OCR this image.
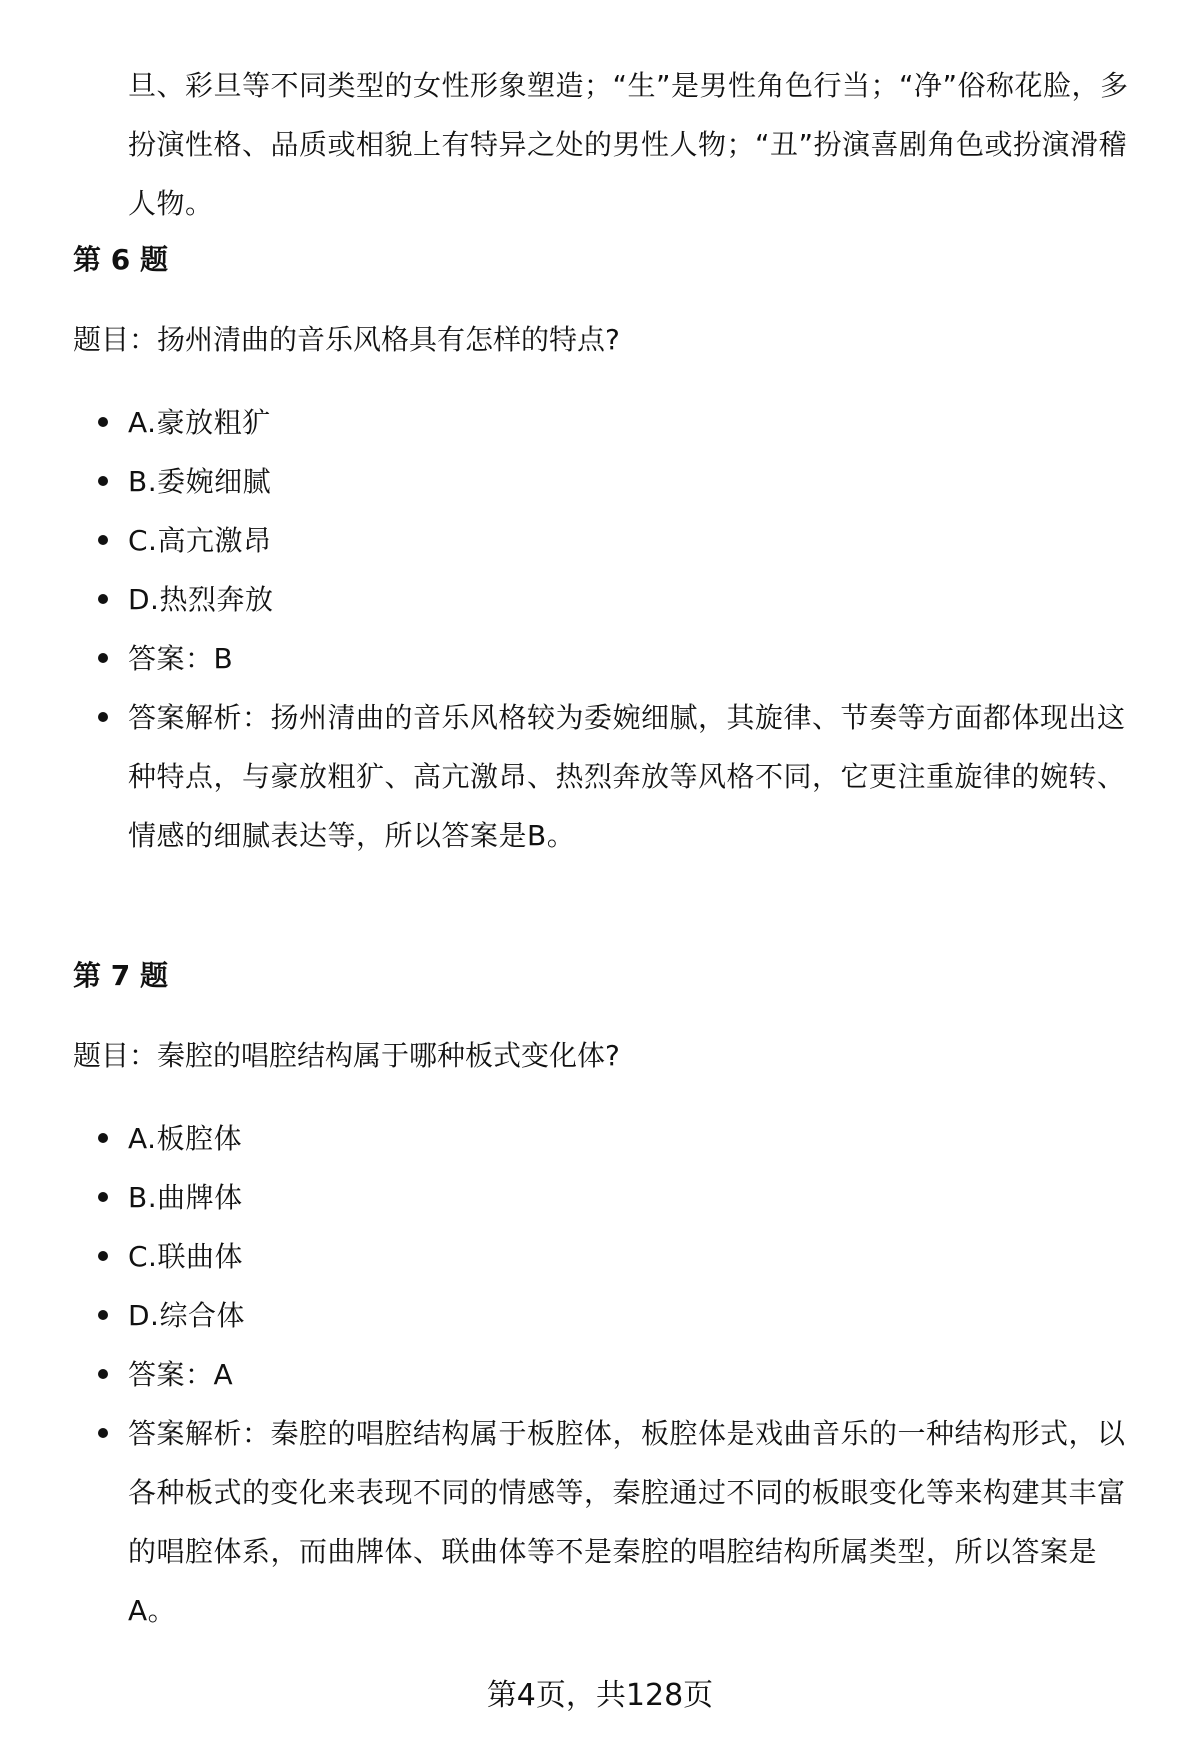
旦、彩旦等不同类型的女性形象塑造；“生”是男性角色行当；“净”俗称花脸，多扮演性格、品质或相貌上有特异之处的男性人物；“丑”扮演喜剧角色或扮演滑稽人物。
第 6 题
题目：扬州清曲的音乐风格具有怎样的特点?
A.豪放粗犷
B.委婉细腻
C.高亢激昂
D.热烈奔放
答案：B
答案解析：扬州清曲的音乐风格较为委婉细腻，其旋律、节奏等方面都体现出这种特点，与豪放粗犷、高亢激昂、热烈奔放等风格不同，它更注重旋律的婉转、情感的细腻表达等，所以答案是B。
第 7 题
题目：秦腔的唱腔结构属于哪种板式变化体?
A.板腔体
B.曲牌体
C.联曲体
D.综合体
答案：A
答案解析：秦腔的唱腔结构属于板腔体，板腔体是戏曲音乐的一种结构形式，以各种板式的变化来表现不同的情感等，秦腔通过不同的板眼变化等来构建其丰富的唱腔体系，而曲牌体、联曲体等不是秦腔的唱腔结构所属类型，所以答案是A。
第4页，共128页
